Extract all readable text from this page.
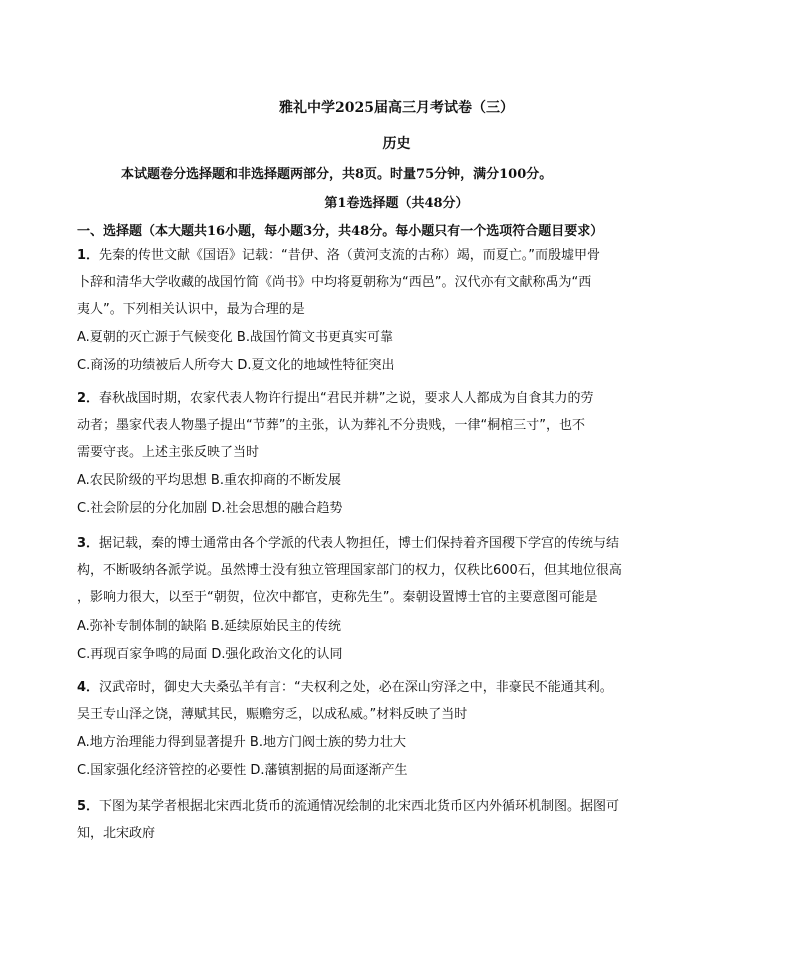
雅礼中学2025届高三月考试卷（三）
历史
本试题卷分选择题和非选择题两部分，共8页。时量75分钟，满分100分。
第1卷选择题（共48分）
一、选择题（本大题共16小题，每小题3分，共48分。每小题只有一个选项符合题目要求）
1．先秦的传世文献《国语》记载：“昔伊、洛（黄河支流的古称）竭，而夏亡。”而殷墟甲骨
卜辞和清华大学收藏的战国竹简《尚书》中均将夏朝称为“西邑”。汉代亦有文献称禹为“西
夷人”。下列相关认识中，最为合理的是
A.夏朝的灭亡源于气候变化 B.战国竹简文书更真实可靠
C.商汤的功绩被后人所夸大 D.夏文化的地域性特征突出
2．春秋战国时期，农家代表人物许行提出“君民并耕”之说，要求人人都成为自食其力的劳
动者；墨家代表人物墨子提出“节葬”的主张，认为葬礼不分贵贱，一律“桐棺三寸”，也不
需要守丧。上述主张反映了当时
A.农民阶级的平均思想 B.重农抑商的不断发展
C.社会阶层的分化加剧 D.社会思想的融合趋势
3．据记载，秦的博士通常由各个学派的代表人物担任，博士们保持着齐国稷下学宫的传统与结
构，不断吸纳各派学说。虽然博士没有独立管理国家部门的权力，仅秩比600石，但其地位很高
，影响力很大，以至于“朝贺，位次中都官，吏称先生”。秦朝设置博士官的主要意图可能是
A.弥补专制体制的缺陷 B.延续原始民主的传统
C.再现百家争鸣的局面 D.强化政治文化的认同
4．汉武帝时，御史大夫桑弘羊有言：“夫权利之处，必在深山穷泽之中，非豪民不能通其利。
吴王专山泽之饶，薄赋其民，赈赡穷乏，以成私威。”材料反映了当时
A.地方治理能力得到显著提升 B.地方门阀士族的势力壮大
C.国家强化经济管控的必要性 D.藩镇割据的局面逐渐产生
5．下图为某学者根据北宋西北货币的流通情况绘制的北宋西北货币区内外循环机制图。据图可
知，北宋政府
